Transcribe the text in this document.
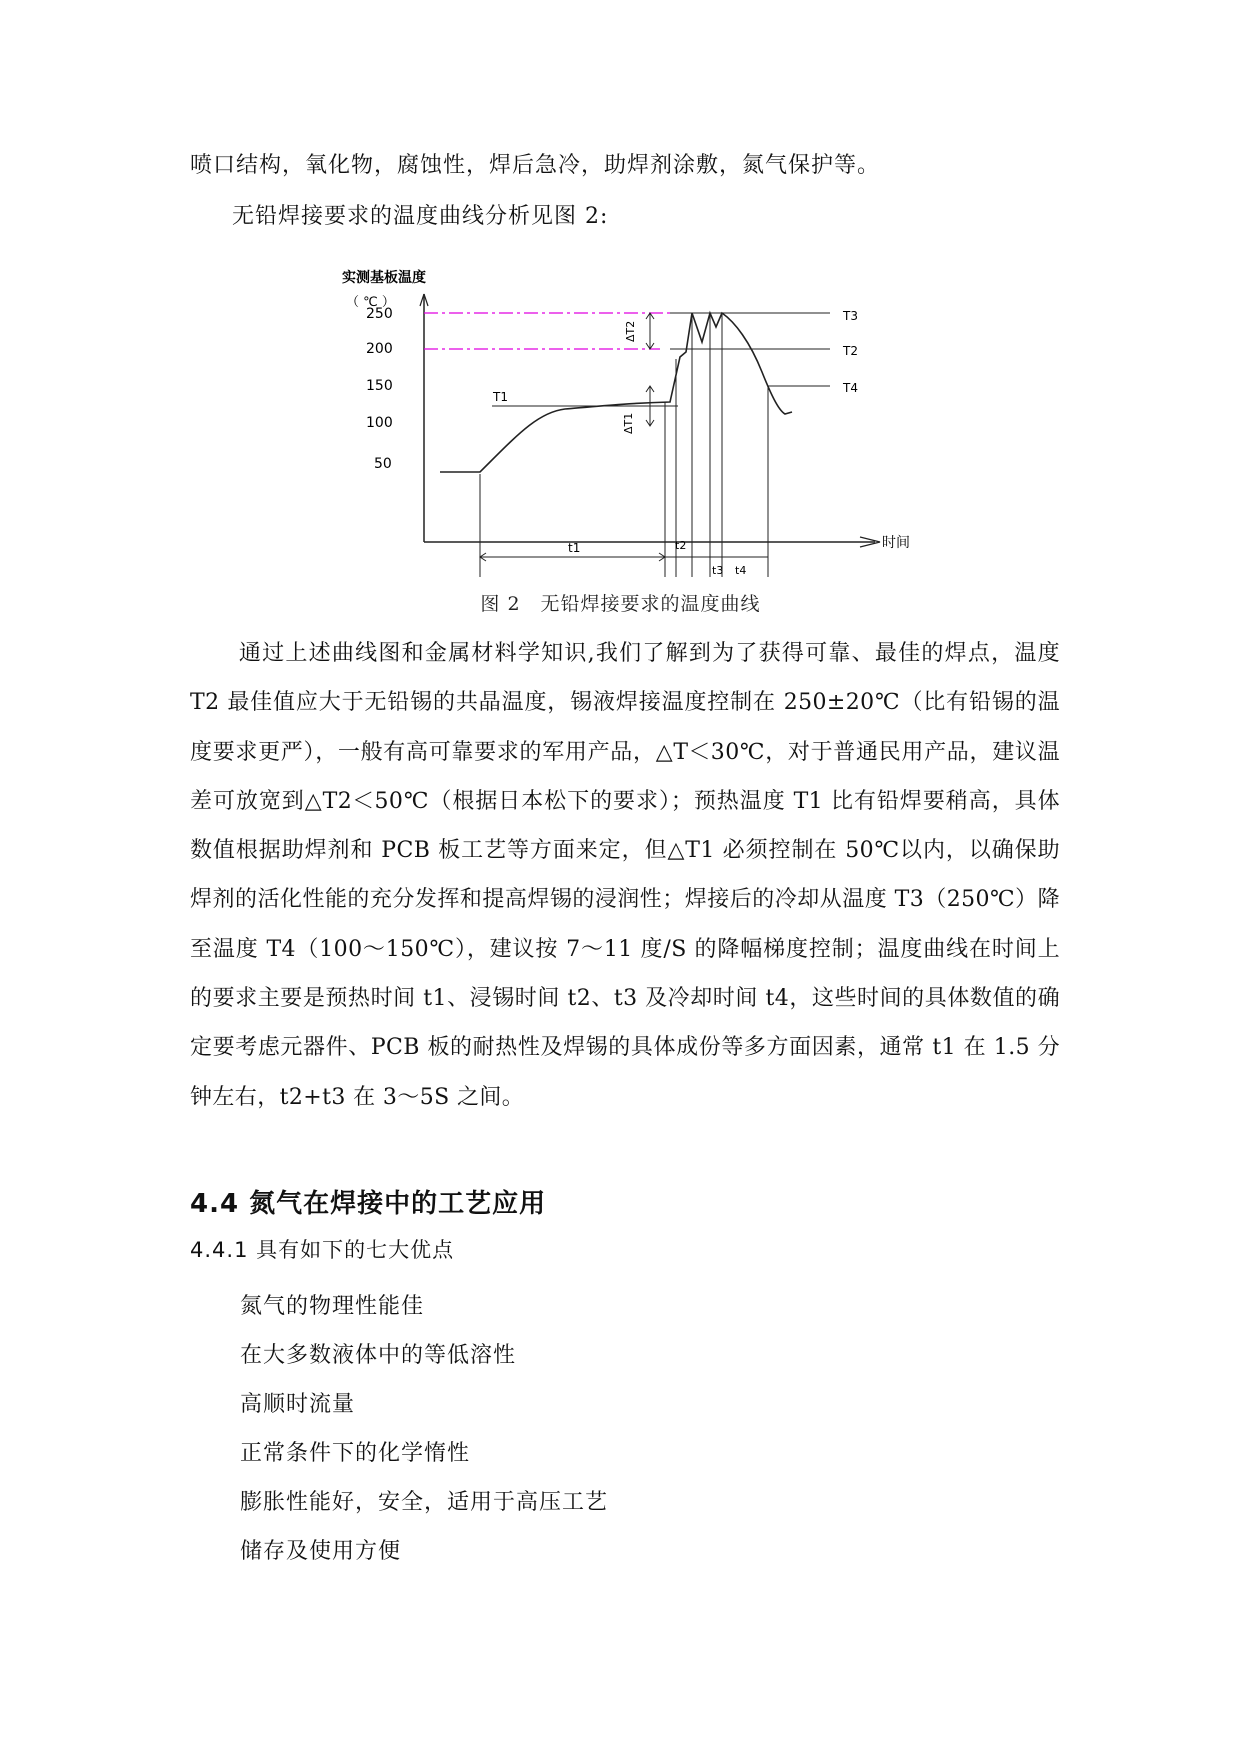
喷口结构，氧化物，腐蚀性，焊后急冷，助焊剂涂敷，氮气保护等。
无铅焊接要求的温度曲线分析见图 2:
实测基板温度
（ ℃ ）
时间
250
200
150
100
50
T3
T2
T4
T1
ΔT2
ΔT1
t1	t2
t3 t4
图 2　无铅焊接要求的温度曲线
通过上述曲线图和金属材料学知识,我们了解到为了获得可靠、最佳的焊点，温度 T2 最佳值应大于无铅锡的共晶温度，锡液焊接温度控制在 250±20℃（比有铅锡的温度要求更严），一般有高可靠要求的军用产品，△T＜30℃，对于普通民用产品，建议温差可放宽到△T2＜50℃（根据日本松下的要求）；预热温度 T1 比有铅焊要稍高，具体数值根据助焊剂和 PCB 板工艺等方面来定，但△T1 必须控制在 50℃以内，以确保助焊剂的活化性能的充分发挥和提高焊锡的浸润性；焊接后的冷却从温度 T3（250℃）降至温度 T4（100～150℃），建议按 7～11 度/S 的降幅梯度控制；温度曲线在时间上的要求主要是预热时间 t1、浸锡时间 t2、t3 及冷却时间 t4，这些时间的具体数值的确定要考虑元器件、PCB 板的耐热性及焊锡的具体成份等多方面因素，通常 t1 在 1.5 分钟左右，t2+t3 在 3～5S 之间。
4.4 氮气在焊接中的工艺应用
4.4.1 具有如下的七大优点
氮气的物理性能佳
在大多数液体中的等低溶性
高顺时流量
正常条件下的化学惰性
膨胀性能好，安全，适用于高压工艺
储存及使用方便
